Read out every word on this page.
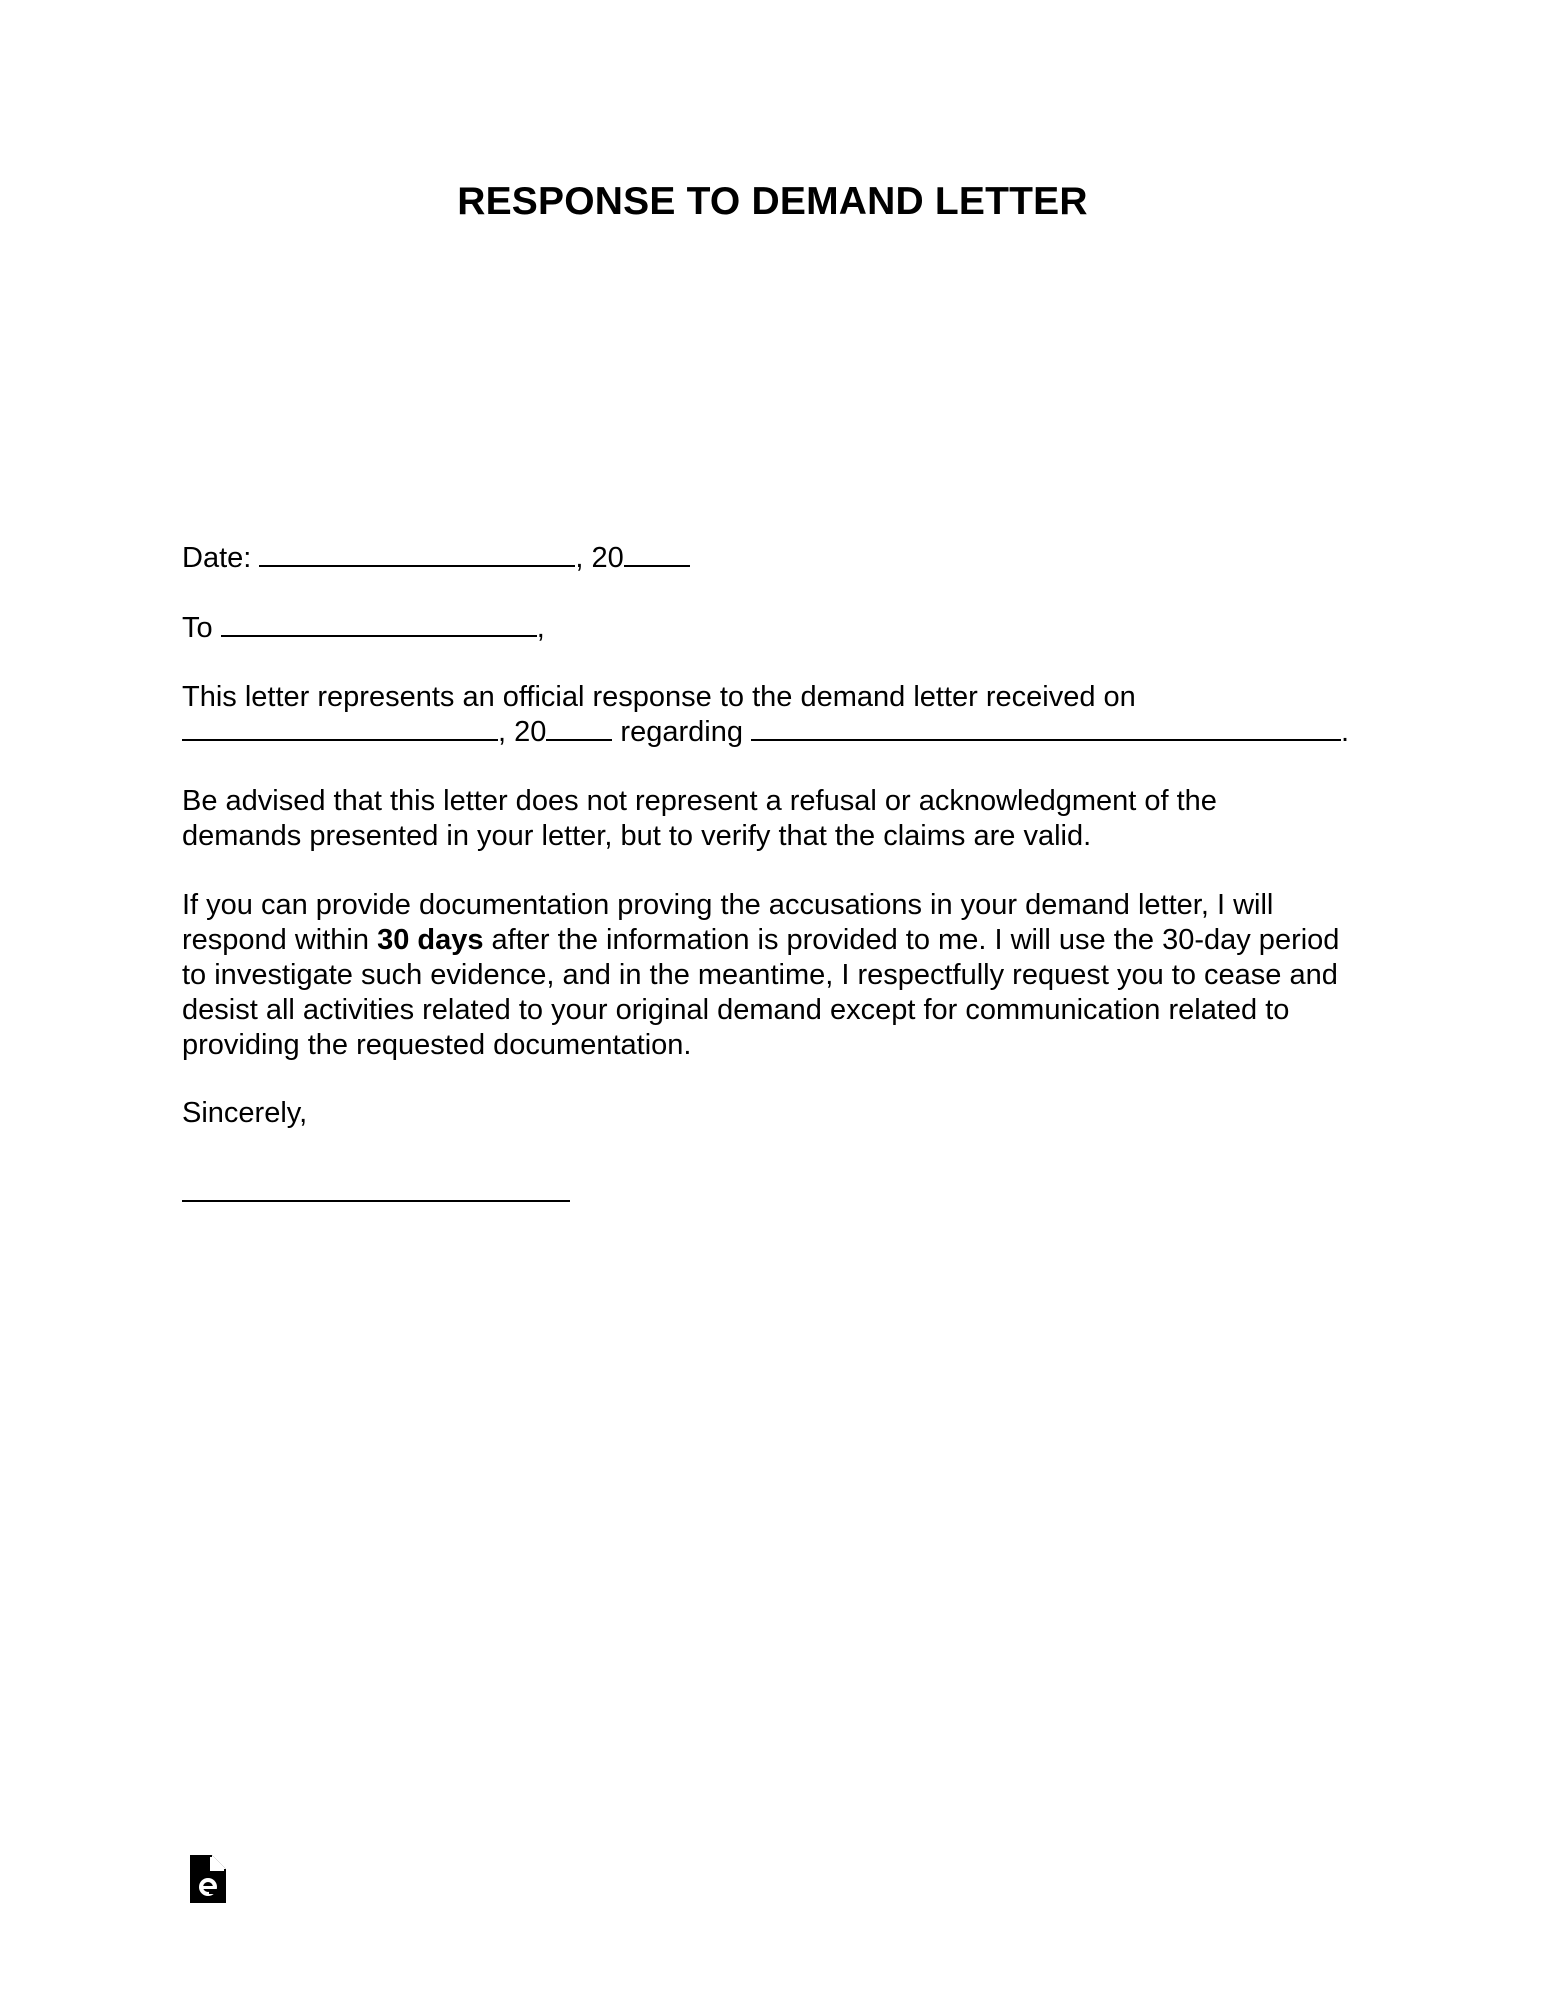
RESPONSE TO DEMAND LETTER
Date:	, 20
To	,
This letter represents an official response to the demand letter received on
, 20 regarding	.

Be advised that this letter does not represent a refusal or acknowledgment of the demands presented in your letter, but to verify that the claims are valid.

If you can provide documentation proving the accusations in your demand letter, I will respond within 30 days after the information is provided to me. I will use the 30-day period to investigate such evidence, and in the meantime, I respectfully request you to cease and desist all activities related to your original demand except for communication related to providing the requested documentation.

Sincerely,
